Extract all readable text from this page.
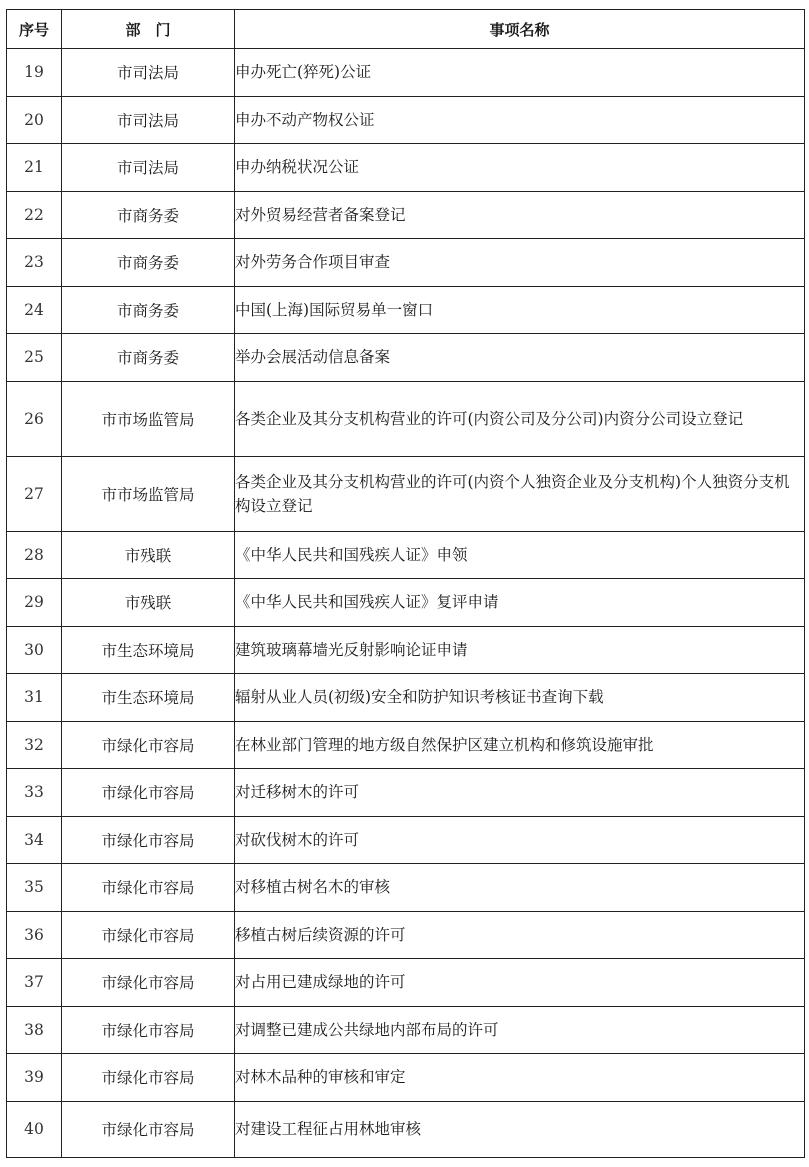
序号	部　门	事项名称
19	市司法局	申办死亡(猝死)公证
20	市司法局	申办不动产物权公证
21	市司法局	申办纳税状况公证
22	市商务委	对外贸易经营者备案登记
23	市商务委	对外劳务合作项目审查
24	市商务委	中国(上海)国际贸易单一窗口
25	市商务委	举办会展活动信息备案
26	市市场监管局	各类企业及其分支机构营业的许可(内资公司及分公司)内资分公司设立登记
27	市市场监管局	各类企业及其分支机构营业的许可(内资个人独资企业及分支机构)个人独资分支机构设立登记
28	市残联	《中华人民共和国残疾人证》申领
29	市残联	《中华人民共和国残疾人证》复评申请
30	市生态环境局	建筑玻璃幕墙光反射影响论证申请
31	市生态环境局	辐射从业人员(初级)安全和防护知识考核证书查询下载
32	市绿化市容局	在林业部门管理的地方级自然保护区建立机构和修筑设施审批
33	市绿化市容局	对迁移树木的许可
34	市绿化市容局	对砍伐树木的许可
35	市绿化市容局	对移植古树名木的审核
36	市绿化市容局	移植古树后续资源的许可
37	市绿化市容局	对占用已建成绿地的许可
38	市绿化市容局	对调整已建成公共绿地内部布局的许可
39	市绿化市容局	对林木品种的审核和审定
40	市绿化市容局	对建设工程征占用林地审核
